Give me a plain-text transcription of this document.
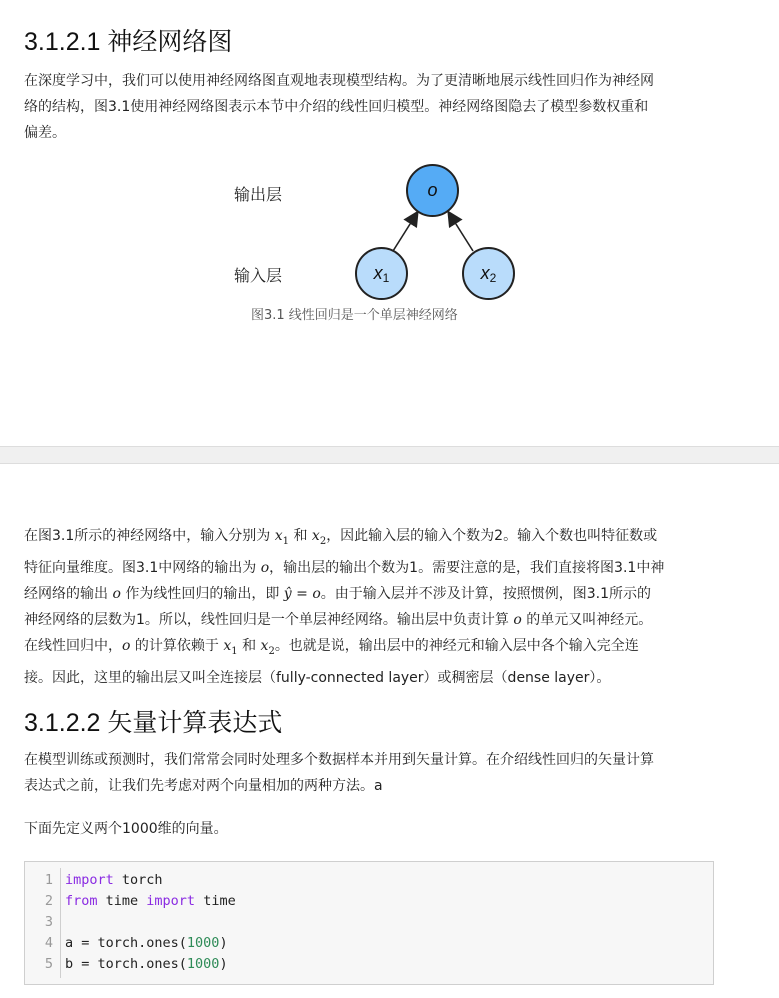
3.1.2.1 神经网络图

在深度学习中，我们可以使用神经网络图直观地表现模型结构。为了更清晰地展示线性回归作为神经网
络的结构，图3.1使用神经网络图表示本节中介绍的线性回归模型。神经网络图隐去了模型参数权重和
偏差。

输出层
输入层
o
$x_1$	$x_2$
图3.1 线性回归是一个单层神经网络

在图3.1所示的神经网络中，输入分别为 $x_1$ 和 $x_2$，因此输入层的输入个数为2。输入个数也叫特征数或
特征向量维度。图3.1中网络的输出为 o，输出层的输出个数为1。需要注意的是，我们直接将图3.1中神
经网络的输出 o 作为线性回归的输出，即 ŷ = o。由于输入层并不涉及计算，按照惯例，图3.1所示的
神经网络的层数为1。所以，线性回归是一个单层神经网络。输出层中负责计算 o 的单元又叫神经元。
在线性回归中，o 的计算依赖于 $x_1$ 和 $x_2$。也就是说，输出层中的神经元和输入层中各个输入完全连
接。因此，这里的输出层又叫全连接层（fully-connected layer）或稠密层（dense layer）。

3.1.2.2 矢量计算表达式

在模型训练或预测时，我们常常会同时处理多个数据样本并用到矢量计算。在介绍线性回归的矢量计算
表达式之前，让我们先考虑对两个向量相加的两种方法。a

下面先定义两个1000维的向量。

1 import torch
2 from time import time
3
4 a = torch.ones(1000)
5 b = torch.ones(1000)
